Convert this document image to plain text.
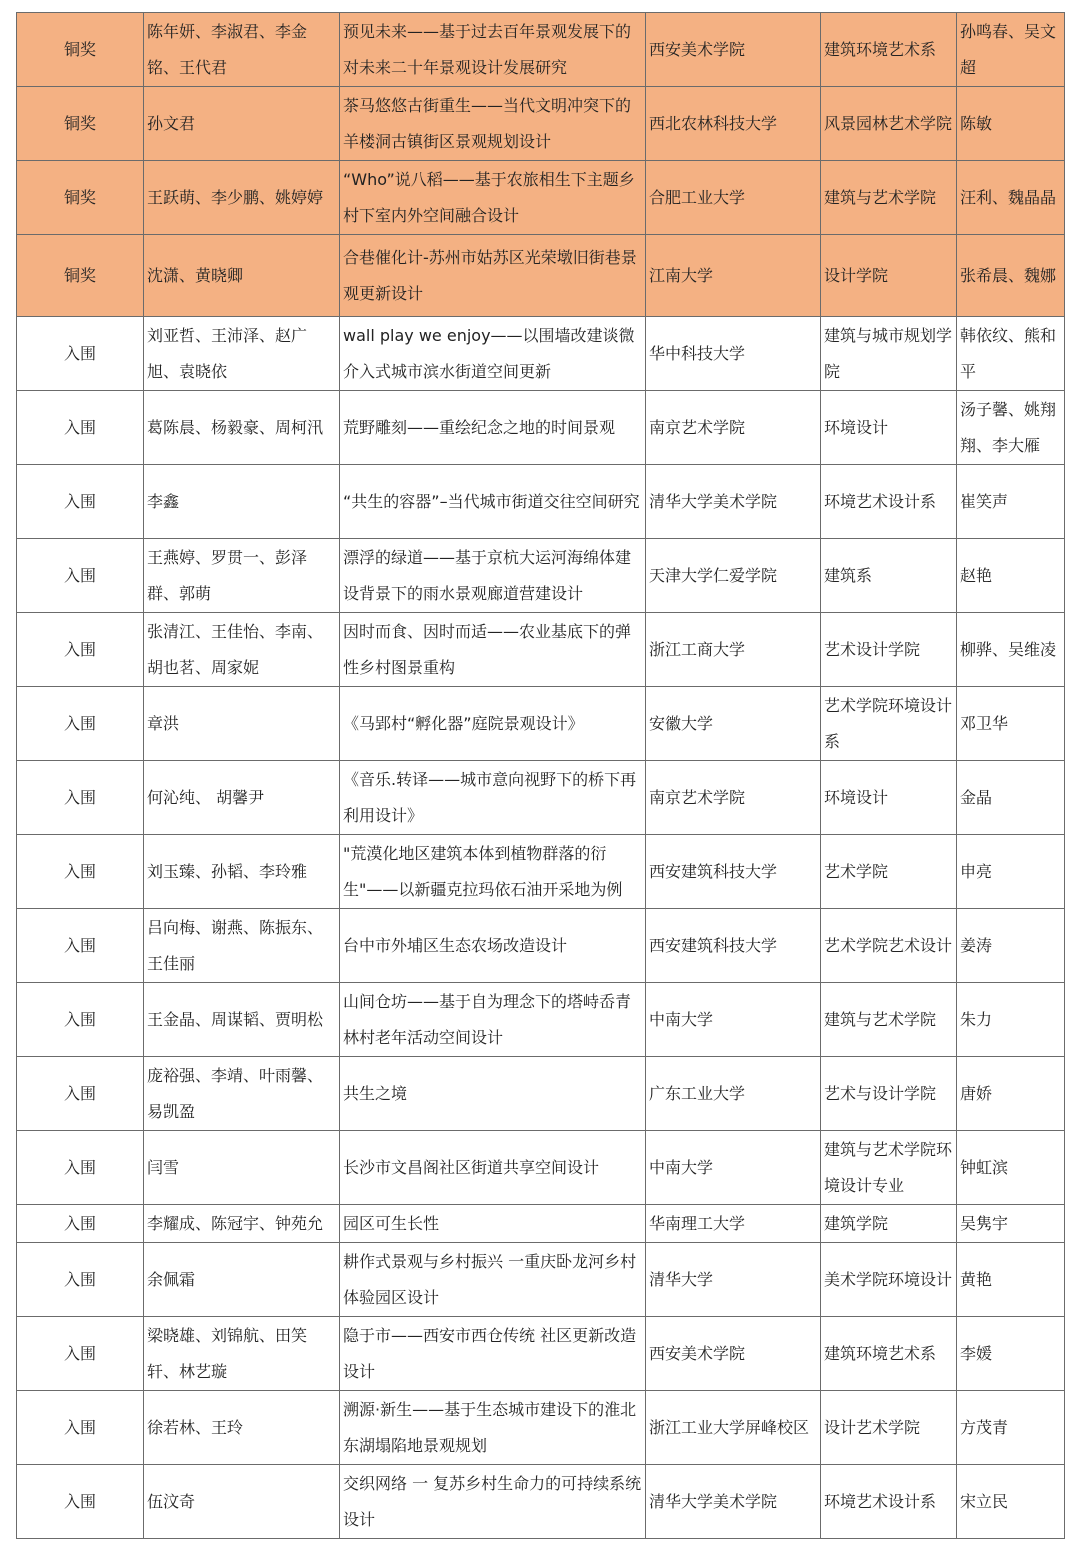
铜奖	陈年妍、李淑君、李金铭、王代君	预见未来——基于过去百年景观发展下的对未来二十年景观设计发展研究	西安美术学院	建筑环境艺术系	孙鸣春、吴文超
铜奖	孙文君	茶马悠悠古街重生——当代文明冲突下的羊楼洞古镇街区景观规划设计	西北农林科技大学	风景园林艺术学院	陈敏
铜奖	王跃萌、李少鹏、姚婷婷	“Who”说八稻——基于农旅相生下主题乡村下室内外空间融合设计	合肥工业大学	建筑与艺术学院	汪利、魏晶晶
铜奖	沈潇、黄晓卿	合巷催化计-苏州市姑苏区光荣墩旧街巷景观更新设计	江南大学	设计学院	张希晨、魏娜
入围	刘亚哲、王沛泽、赵广旭、袁晓依	wall play we enjoy——以围墙改建谈微介入式城市滨水街道空间更新	华中科技大学	建筑与城市规划学院	韩依纹、熊和平
入围	葛陈晨、杨毅豪、周柯汛	荒野雕刻——重绘纪念之地的时间景观	南京艺术学院	环境设计	汤子馨、姚翔翔、李大雁
入围	李鑫	“共生的容器”–当代城市街道交往空间研究	清华大学美术学院	环境艺术设计系	崔笑声
入围	王燕婷、罗贯一、彭泽群、郭萌	漂浮的绿道——基于京杭大运河海绵体建设背景下的雨水景观廊道营建设计	天津大学仁爱学院	建筑系	赵艳
入围	张清江、王佳怡、李南、胡也茗、周家妮	因时而食、因时而适——农业基底下的弹性乡村图景重构	浙江工商大学	艺术设计学院	柳骅、吴维凌
入围	章洪	《马郢村“孵化器”庭院景观设计》	安徽大学	艺术学院环境设计系	邓卫华
入围	何沁纯、 胡馨尹	《音乐.转译——城市意向视野下的桥下再利用设计》	南京艺术学院	环境设计	金晶
入围	刘玉臻、孙韬、李玲雅	"荒漠化地区建筑本体到植物群落的衍生"——以新疆克拉玛依石油开采地为例	西安建筑科技大学	艺术学院	申亮
入围	吕向梅、谢燕、陈振东、王佳丽	台中市外埔区生态农场改造设计	西安建筑科技大学	艺术学院艺术设计	姜涛
入围	王金晶、周谋韬、贾明松	山间仓坊——基于自为理念下的塔峙岙青林村老年活动空间设计	中南大学	建筑与艺术学院	朱力
入围	庞裕强、李靖、叶雨馨、易凯盈	共生之境	广东工业大学	艺术与设计学院	唐娇
入围	闫雪	长沙市文昌阁社区街道共享空间设计	中南大学	建筑与艺术学院环境设计专业	钟虹滨
入围	李耀成、陈冠宇、钟苑允	园区可生长性	华南理工大学	建筑学院	吴隽宇
入围	余佩霜	耕作式景观与乡村振兴 一重庆卧龙河乡村体验园区设计	清华大学	美术学院环境设计	黄艳
入围	梁晓雄、刘锦航、田笑轩、林艺璇	隐于市——西安市西仓传统 社区更新改造设计	西安美术学院	建筑环境艺术系	李媛
入围	徐若林、王玲	溯源·新生——基于生态城市建设下的淮北东湖塌陷地景观规划	浙江工业大学屏峰校区	设计艺术学院	方茂青
入围	伍汶奇	交织网络 一 复苏乡村生命力的可持续系统设计	清华大学美术学院	环境艺术设计系	宋立民
